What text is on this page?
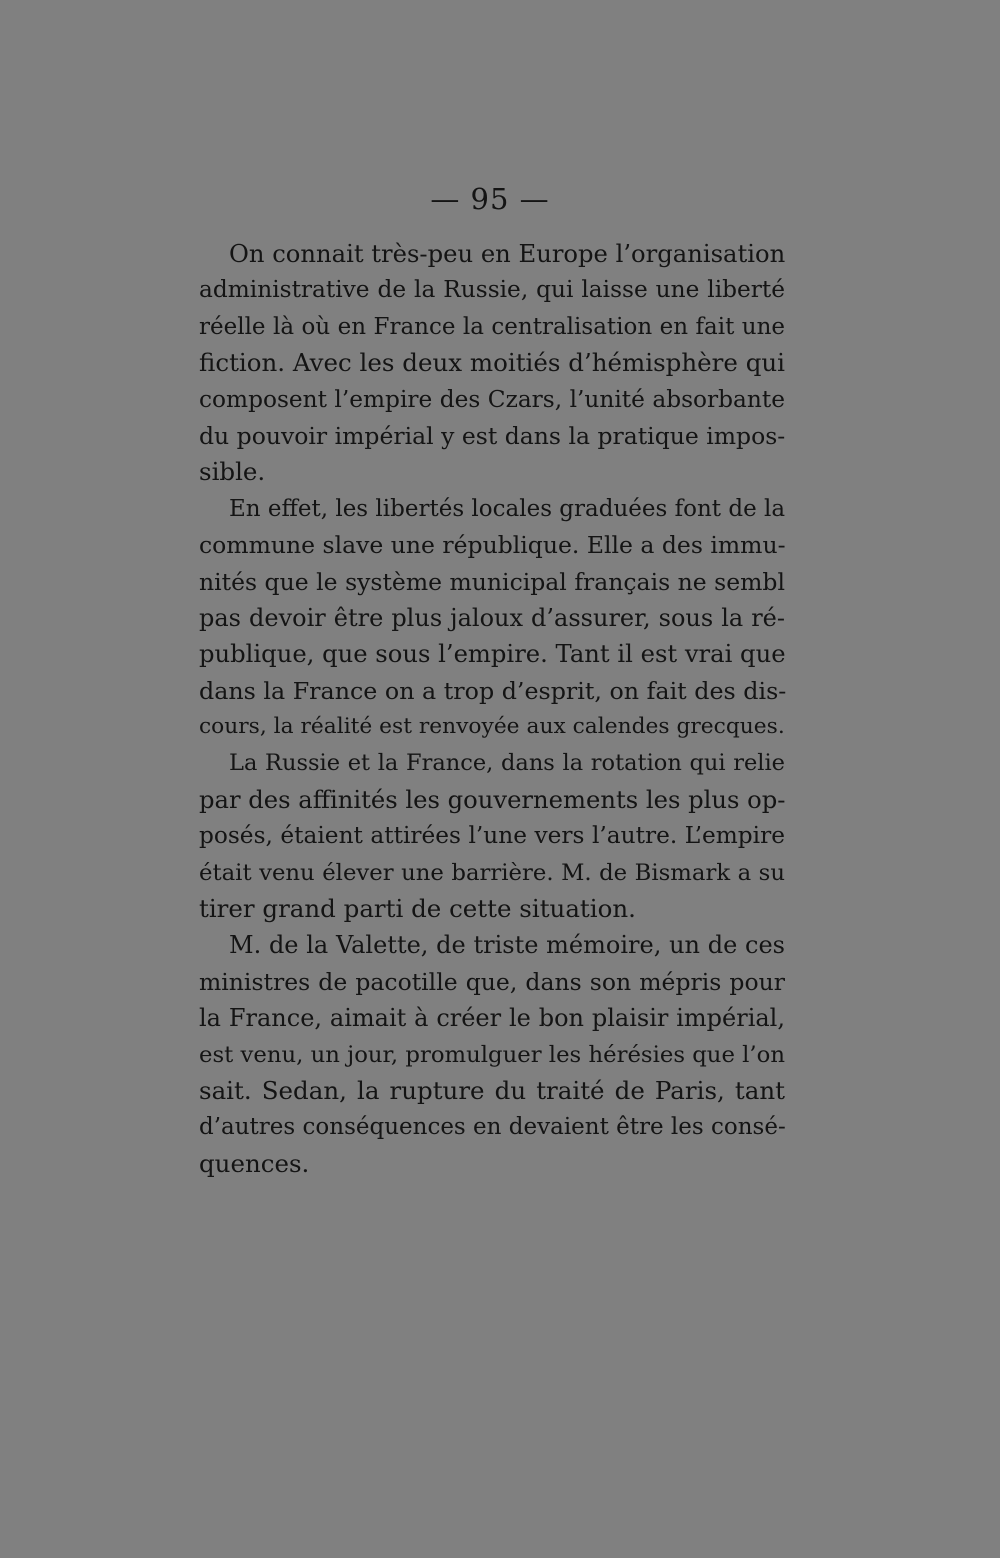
— 95 —
On connait très-peu en Europe l’organisation
administrative de la Russie, qui laisse une liberté
réelle là où en France la centralisation en fait une
fiction. Avec les deux moitiés d’hémisphère qui
composent l’empire des Czars, l’unité absorbante
du pouvoir impérial y est dans la pratique impos-
sible.
En effet, les libertés locales graduées font de la
commune slave une république. Elle a des immu-
nités que le système municipal français ne sembl
pas devoir être plus jaloux d’assurer, sous la ré-
publique, que sous l’empire. Tant il est vrai que
dans la France on a trop d’esprit, on fait des dis-
cours, la réalité est renvoyée aux calendes grecques.
La Russie et la France, dans la rotation qui relie
par des affinités les gouvernements les plus op-
posés, étaient attirées l’une vers l’autre. L’empire
était venu élever une barrière. M. de Bismark a su
tirer grand parti de cette situation.
M. de la Valette, de triste mémoire, un de ces
ministres de pacotille que, dans son mépris pour
la France, aimait à créer le bon plaisir impérial,
est venu, un jour, promulguer les hérésies que l’on
sait. Sedan, la rupture du traité de Paris, tant
d’autres conséquences en devaient être les consé-
quences.
